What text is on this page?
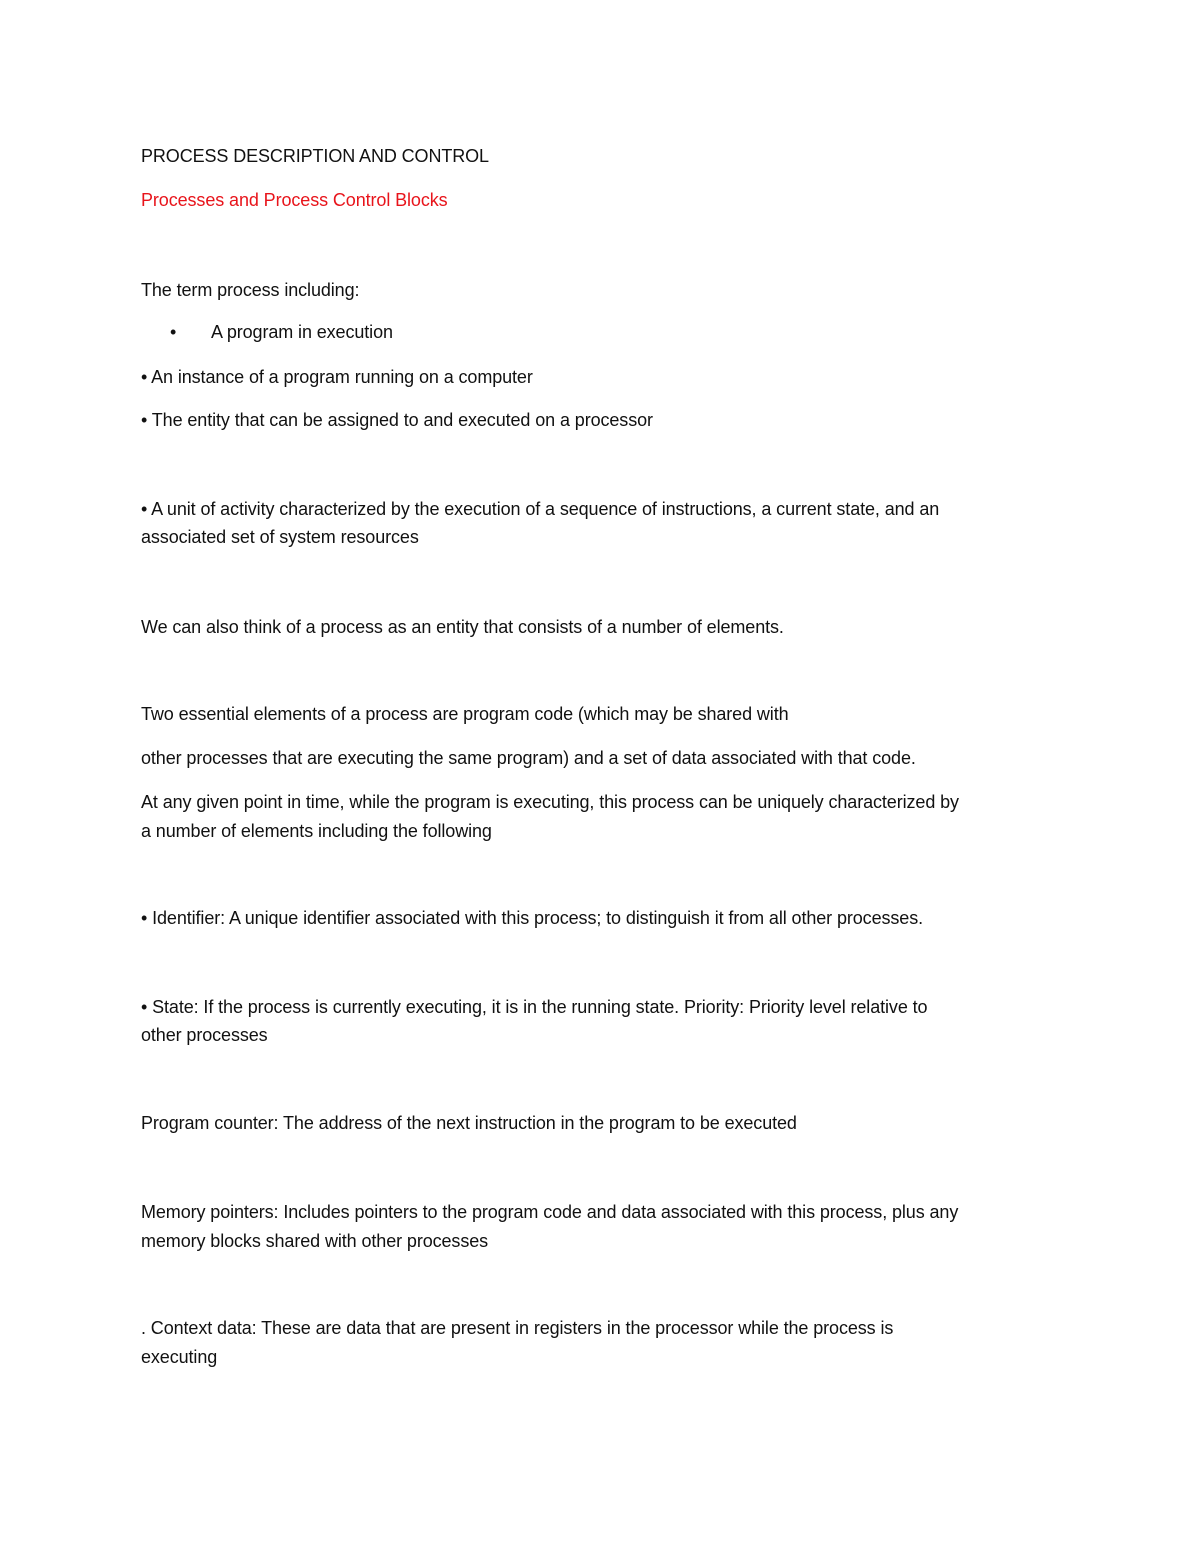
PROCESS DESCRIPTION AND CONTROL
Processes and Process Control Blocks
The term process including:
• A program in execution
• An instance of a program running on a computer
• The entity that can be assigned to and executed on a processor
• A unit of activity characterized by the execution of a sequence of instructions, a current state, and an
associated set of system resources
We can also think of a process as an entity that consists of a number of elements.
Two essential elements of a process are program code (which may be shared with
other processes that are executing the same program) and a set of data associated with that code.
At any given point in time, while the program is executing, this process can be uniquely characterized by
a number of elements including the following
• Identifier: A unique identifier associated with this process; to distinguish it from all other processes.
• State: If the process is currently executing, it is in the running state. Priority: Priority level relative to
other processes
Program counter: The address of the next instruction in the program to be executed
Memory pointers: Includes pointers to the program code and data associated with this process, plus any
memory blocks shared with other processes
. Context data: These are data that are present in registers in the processor while the process is
executing
